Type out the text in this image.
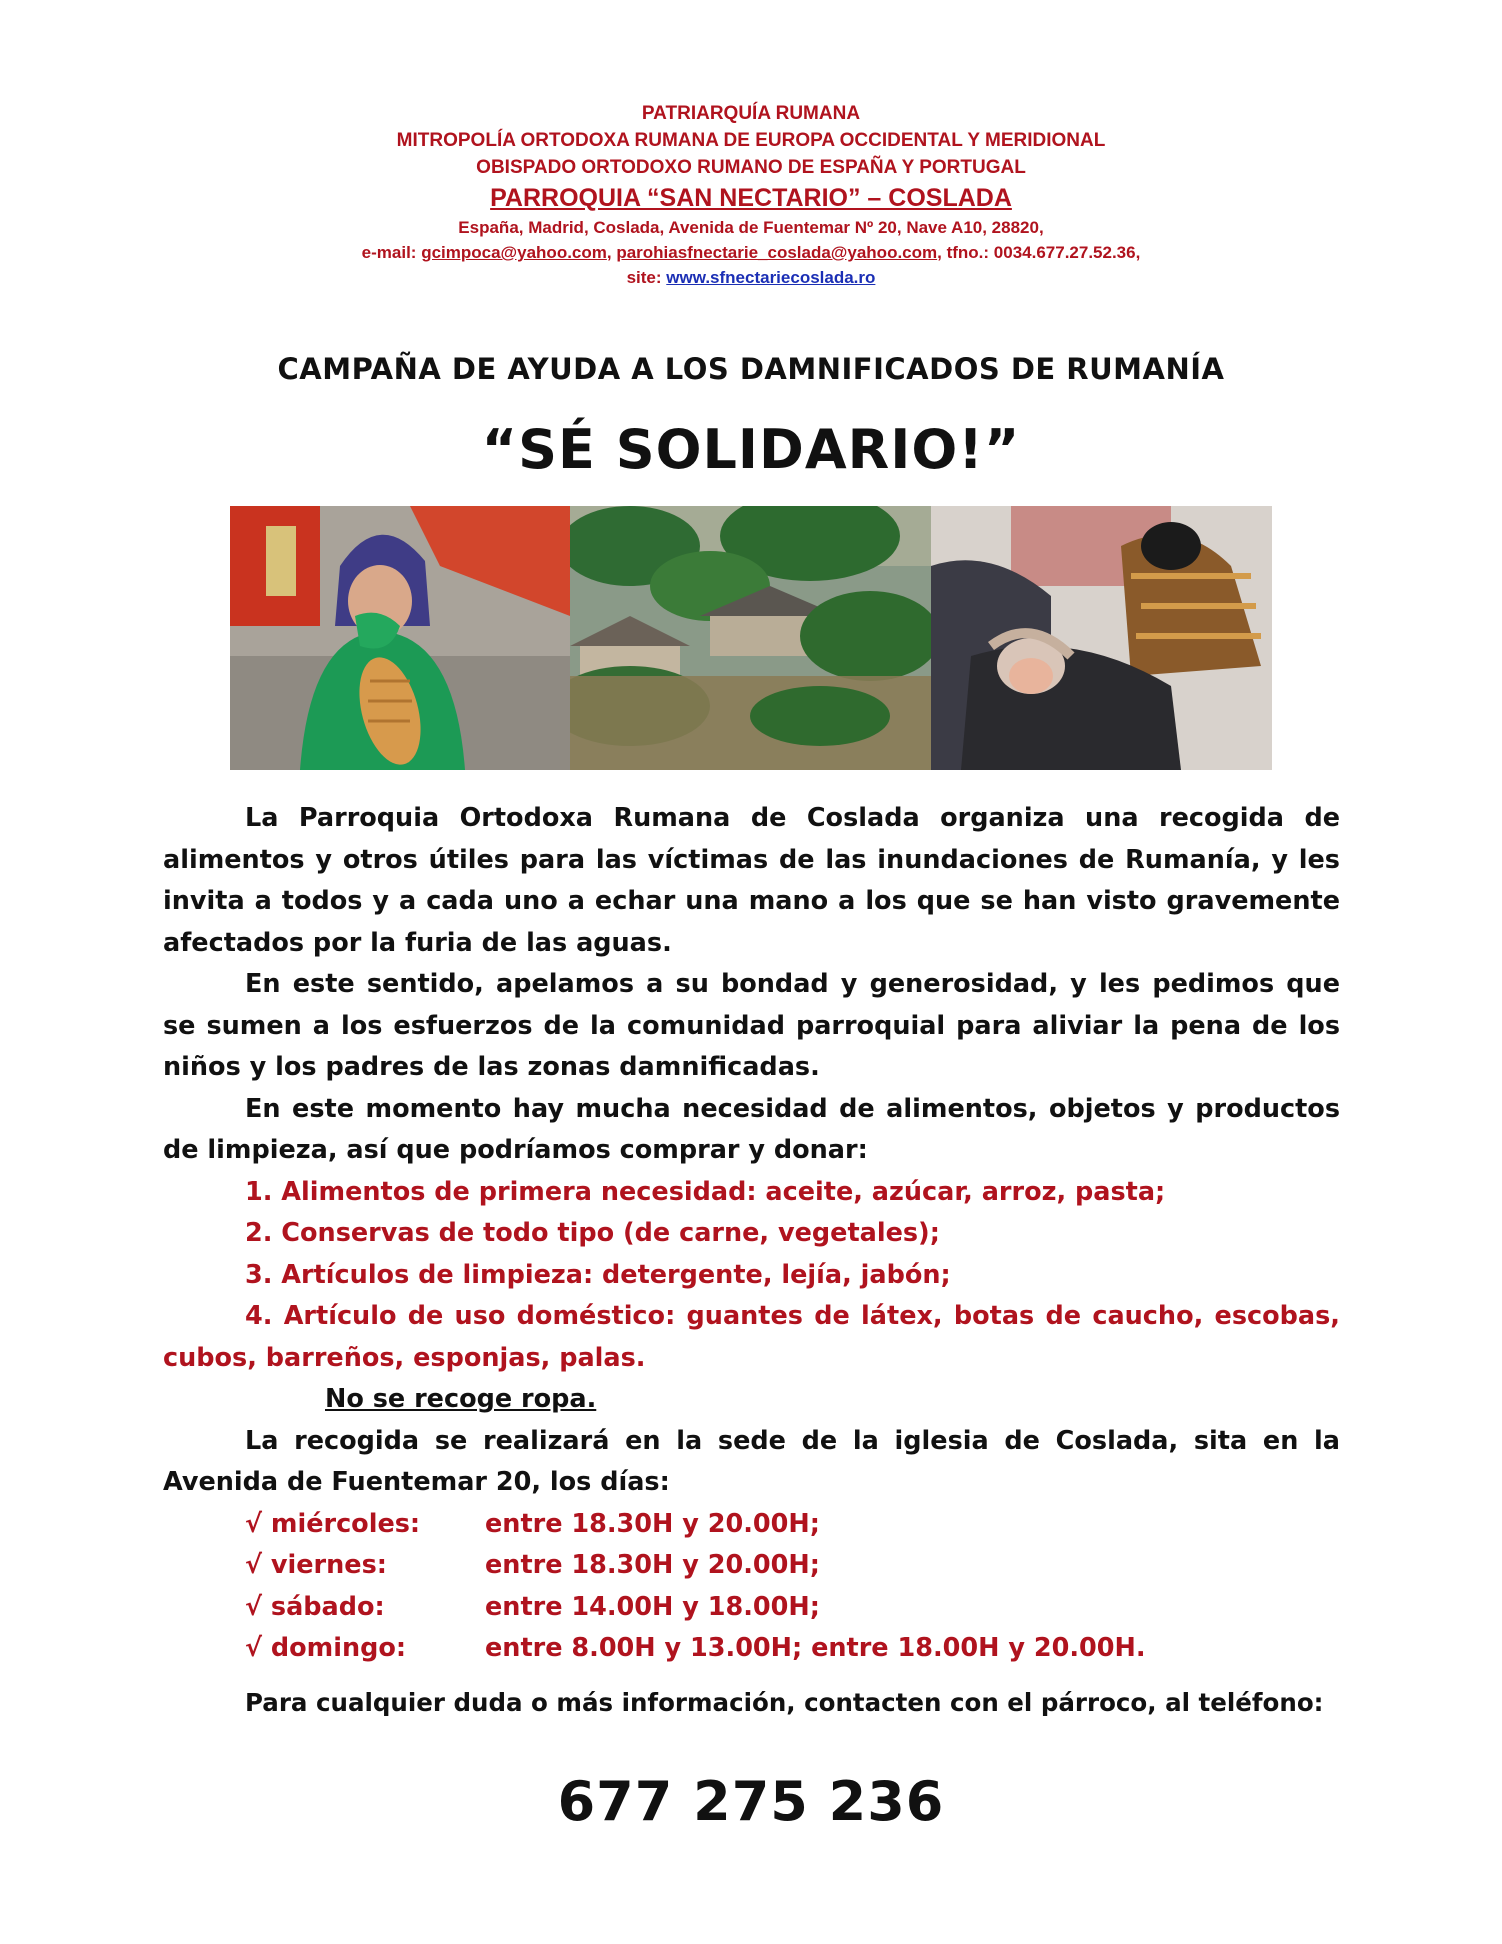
PATRIARQUÍA RUMANA
MITROPOLÍA ORTODOXA RUMANA DE EUROPA OCCIDENTAL Y MERIDIONAL
OBISPADO ORTODOXO RUMANO DE ESPAÑA Y PORTUGAL
PARROQUIA “SAN NECTARIO” – COSLADA
España, Madrid, Coslada, Avenida de Fuentemar Nº 20, Nave A10, 28820,
e-mail: gcimpoca@yahoo.com, parohiasfnectarie_coslada@yahoo.com, tfno.: 0034.677.27.52.36,
site: www.sfnectariecoslada.ro
CAMPAÑA DE AYUDA A LOS DAMNIFICADOS DE RUMANÍA
“SÉ SOLIDARIO!”

La Parroquia Ortodoxa Rumana de Coslada organiza una recogida de alimentos y otros útiles para las víctimas de las inundaciones de Rumanía, y les invita a todos y a cada uno a echar una mano a los que se han visto gravemente afectados por la furia de las aguas.

En este sentido, apelamos a su bondad y generosidad, y les pedimos que se sumen a los esfuerzos de la comunidad parroquial para aliviar la pena de los niños y los padres de las zonas damnificadas.

En este momento hay mucha necesidad de alimentos, objetos y productos de limpieza, así que podríamos comprar y donar:

1. Alimentos de primera necesidad: aceite, azúcar, arroz, pasta;

2. Conservas de todo tipo (de carne, vegetales);

3. Artículos de limpieza: detergente, lejía, jabón;

4. Artículo de uso doméstico: guantes de látex, botas de caucho, escobas, cubos, barreños, esponjas, palas.

No se recoge ropa.

La recogida se realizará en la sede de la iglesia de Coslada, sita en la Avenida de Fuentemar 20, los días:

√ miércoles:	entre 18.30H y 20.00H;

√ viernes:	entre 18.30H y 20.00H;

√ sábado:	entre 14.00H y 18.00H;

√ domingo:	entre 8.00H y 13.00H; entre 18.00H y 20.00H.

Para cualquier duda o más información, contacten con el párroco, al teléfono:

677 275 236
